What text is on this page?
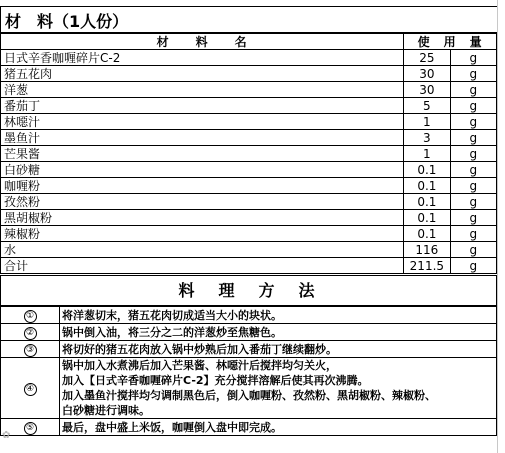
材　料（1人份）
材　　料　　名	使　用　量	
日式辛香咖喱碎片C-2	25	g
猪五花肉	30	g
洋葱	30	g
番茄丁	5	g
林噁汁	1	g
墨鱼汁	3	g
芒果酱	1	g
白砂糖	0.1	g
咖喱粉	0.1	g
孜然粉	0.1	g
黑胡椒粉	0.1	g
辣椒粉	0.1	g
水	116	g
合计	211.5	g
料　理　方　法
①	将洋葱切末，猪五花肉切成适当大小的块状。

②	锅中倒入油，将三分之二的洋葱炒至焦糖色。

③	将切好的猪五花肉放入锅中炒熟后加入番茄丁继续翻炒。

④	锅中加入水煮沸后加入芒果酱、林噁汁后搅拌均匀关火，
加入【日式辛香咖喱碎片C-2】充分搅拌溶解后使其再次沸腾。
加入墨鱼汁搅拌均匀调制黑色后，倒入咖喱粉、孜然粉、黑胡椒粉、辣椒粉、
白砂糖进行调味。

⑤	最后，盘中盛上米饭，咖喱倒入盘中即完成。
✿
